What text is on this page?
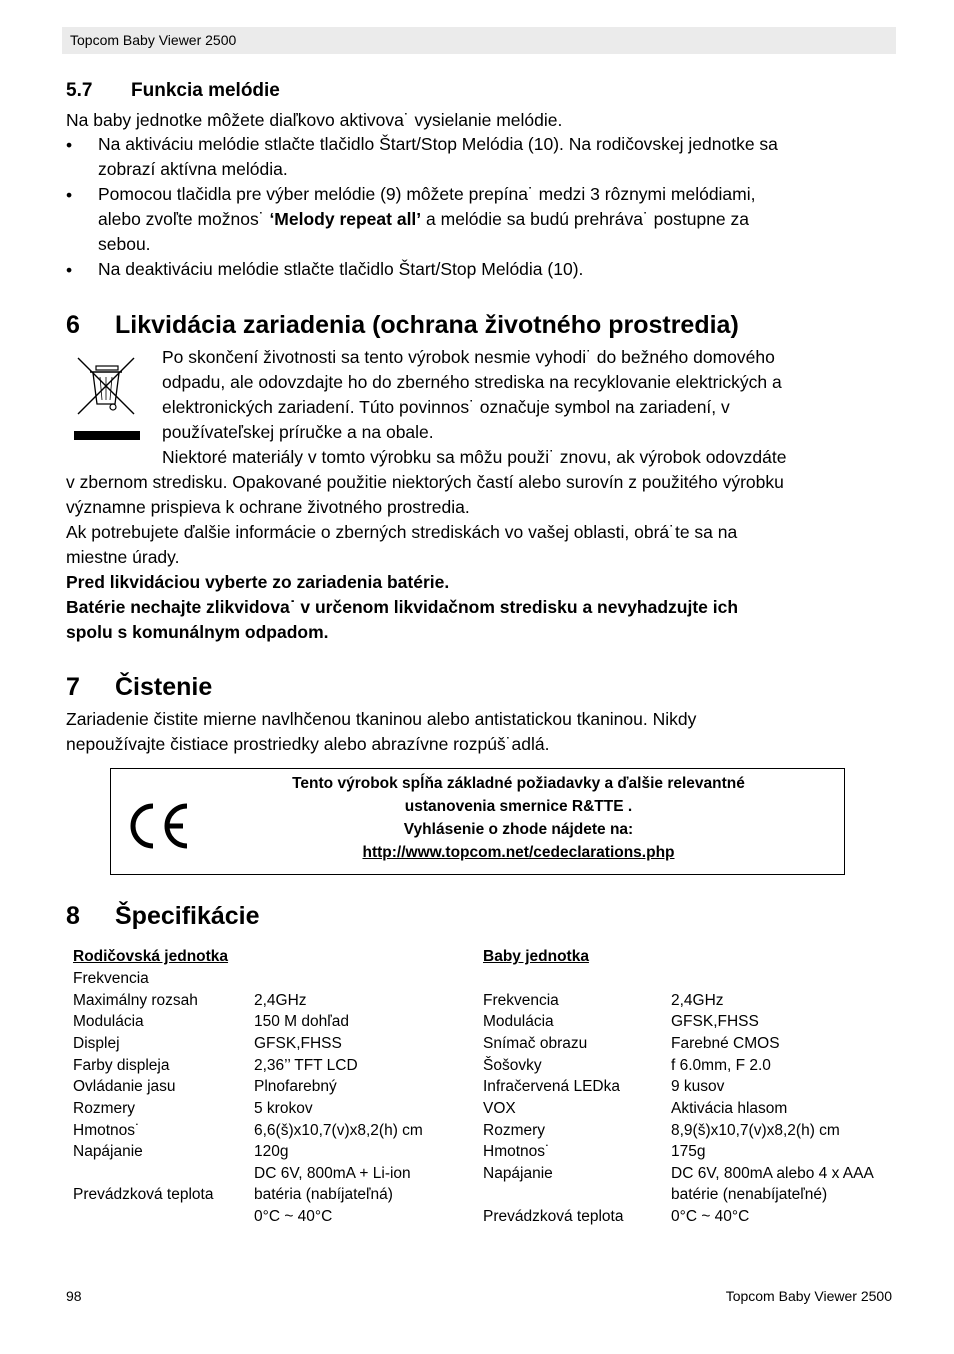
Topcom Baby Viewer 2500
5.7 Funkcia melódie
Na baby jednotke môžete diaľkovo aktivova˙ vysielanie melódie.
• Na aktiváciu melódie stlačte tlačidlo Štart/Stop Melódia (10). Na rodičovskej jednotke sa
zobrazí aktívna melódia.
• Pomocou tlačidla pre výber melódie (9) môžete prepína˙ medzi 3 rôznymi melódiami,
alebo zvoľte možnos˙ ‘Melody repeat all’ a melódie sa budú prehráva˙ postupne za
sebou.
• Na deaktiváciu melódie stlačte tlačidlo Štart/Stop Melódia (10).
6 Likvidácia zariadenia (ochrana životného prostredia)
Po skončení životnosti sa tento výrobok nesmie vyhodi˙ do bežného domového
odpadu, ale odovzdajte ho do zberného strediska na recyklovanie elektrických a
elektronických zariadení. Túto povinnos˙ označuje symbol na zariadení, v
používateľskej príručke a na obale.
Niektoré materiály v tomto výrobku sa môžu použi˙ znovu, ak výrobok odovzdáte
v zbernom stredisku. Opakované použitie niektorých častí alebo surovín z použitého výrobku
významne prispieva k ochrane životného prostredia.
Ak potrebujete ďalšie informácie o zberných strediskách vo vašej oblasti, obrá˙te sa na
miestne úrady.
Pred likvidáciou vyberte zo zariadenia batérie.
Batérie nechajte zlikvidova˙ v určenom likvidačnom stredisku a nevyhadzujte ich
spolu s komunálnym odpadom.
7 Čistenie
Zariadenie čistite mierne navlhčenou tkaninou alebo antistatickou tkaninou. Nikdy
nepoužívajte čistiace prostriedky alebo abrazívne rozpúš˙adlá.
Tento výrobok spĺňa základné požiadavky a ďalšie relevantné
ustanovenia smernice R&TTE .
Vyhlásenie o zhode nájdete na:
http://www.topcom.net/cedeclarations.php
8 Špecifikácie
Rodičovská jednotka
Frekvencia
Maximálny rozsah
Modulácia
Displej
Farby displeja
Ovládanie jasu
Rozmery
Hmotnos˙
Napájanie
Prevádzková teplota
2,4GHz
150 M dohľad
GFSK,FHSS
2,36’’ TFT LCD
Plnofarebný
5 krokov
6,6(š)x10,7(v)x8,2(h) cm
120g
DC 6V, 800mA + Li-ion
batéria (nabíjateľná)
0°C ~ 40°C
Baby jednotka
Frekvencia
Modulácia
Snímač obrazu
Šošovky
Infračervená LEDka
VOX
Rozmery
Hmotnos˙
Napájanie
Prevádzková teplota
2,4GHz
GFSK,FHSS
Farebné CMOS
f 6.0mm, F 2.0
9 kusov
Aktivácia hlasom
8,9(š)x10,7(v)x8,2(h) cm
175g
DC 6V, 800mA alebo 4 x AAA
batérie (nenabíjateľné)
0°C ~ 40°C
98	Topcom Baby Viewer 2500
